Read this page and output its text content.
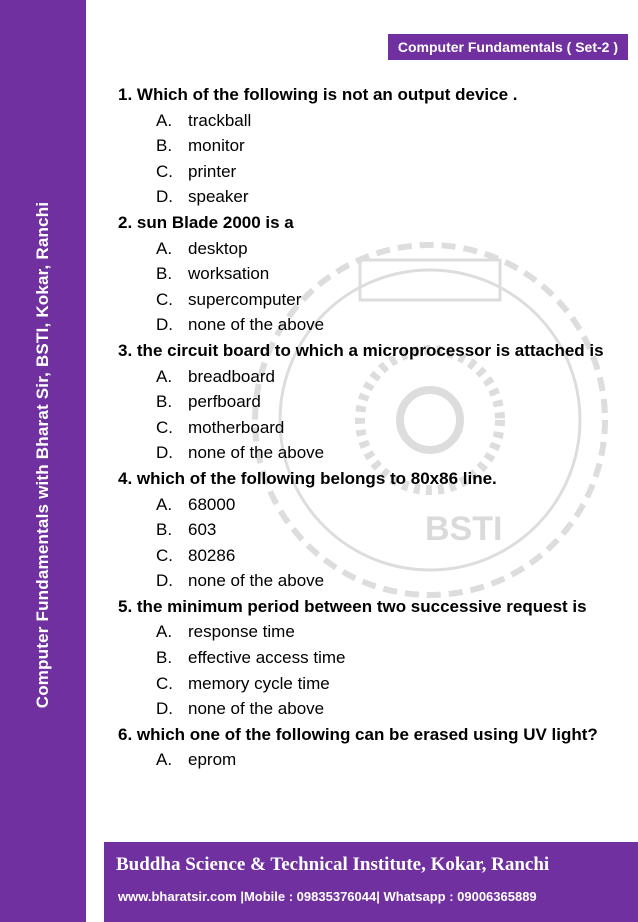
Computer Fundamentals with Bharat Sir, BSTI, Kokar, Ranchi
Computer Fundamentals ( Set-2 )
BSTI
1. Which of the following is not an output device .
A. trackball
B. monitor
C. printer
D. speaker
2. sun Blade 2000 is a
A. desktop
B. worksation
C. supercomputer
D. none of the above
3. the circuit board to which a microprocessor is attached is
A. breadboard
B. perfboard
C. motherboard
D. none of the above
4. which of the following belongs to 80x86 line.
A. 68000
B. 603
C. 80286
D. none of the above
5. the minimum period between two successive request is
A. response time
B. effective access time
C. memory cycle time
D. none of the above
6. which one of the following can be erased using UV light?
A. eprom
Buddha Science & Technical Institute, Kokar, Ranchi
www.bharatsir.com |Mobile : 09835376044| Whatsapp : 09006365889
